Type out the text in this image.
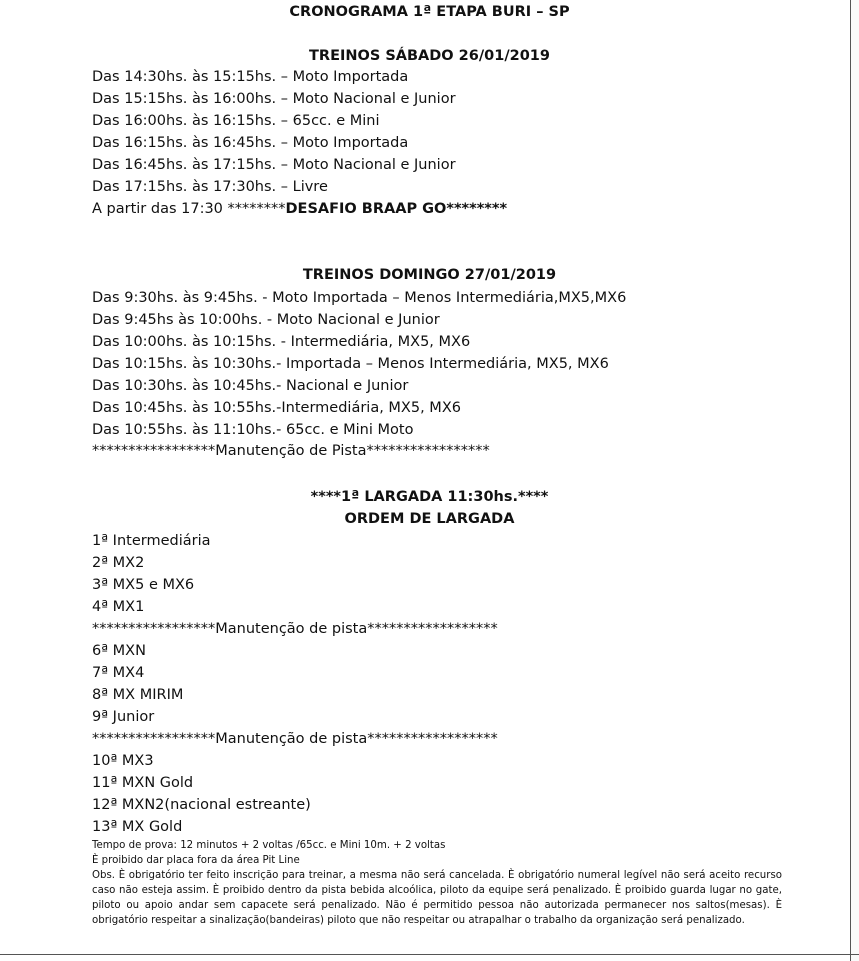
CRONOGRAMA 1ª ETAPA BURI – SP
TREINOS SÁBADO 26/01/2019
Das 14:30hs. às 15:15hs. – Moto Importada
Das 15:15hs. às 16:00hs. – Moto Nacional e Junior
Das 16:00hs. às 16:15hs. – 65cc. e Mini
Das 16:15hs. às 16:45hs. – Moto Importada
Das 16:45hs. às 17:15hs. – Moto Nacional e Junior
Das 17:15hs. às 17:30hs. – Livre
A partir das 17:30 ********DESAFIO BRAAP GO********
TREINOS DOMINGO 27/01/2019
Das 9:30hs. às 9:45hs. - Moto Importada – Menos Intermediária,MX5,MX6
Das 9:45hs às 10:00hs. - Moto Nacional e Junior
Das 10:00hs. às 10:15hs. - Intermediária, MX5, MX6
Das 10:15hs. às 10:30hs.- Importada – Menos Intermediária, MX5, MX6
Das 10:30hs. às 10:45hs.- Nacional e Junior
Das 10:45hs. às 10:55hs.-Intermediária, MX5, MX6
Das 10:55hs. às 11:10hs.- 65cc. e Mini Moto
*****************Manutenção de Pista*****************
****1ª LARGADA 11:30hs.****
ORDEM DE LARGADA
1ª Intermediária
2ª MX2
3ª MX5 e MX6
4ª MX1
*****************Manutenção de pista******************
6ª MXN
7ª MX4
8ª MX MIRIM
9ª Junior
*****************Manutenção de pista******************
10ª MX3
11ª MXN Gold
12ª MXN2(nacional estreante)
13ª MX Gold

Tempo de prova: 12 minutos + 2 voltas /65cc. e Mini 10m. + 2 voltas

È proibido dar placa fora da área Pit Line

Obs. È obrigatório ter feito inscrição para treinar, a mesma não será cancelada. È obrigatório numeral legível não será aceito recurso caso não esteja assim. È proibido dentro da pista bebida alcoólica, piloto da equipe será penalizado. È proibido guarda lugar no gate, piloto ou apoio andar sem capacete será penalizado. Não é permitido pessoa não autorizada permanecer nos saltos(mesas). È obrigatório respeitar a sinalização(bandeiras) piloto que não respeitar ou atrapalhar o trabalho da organização será penalizado.
